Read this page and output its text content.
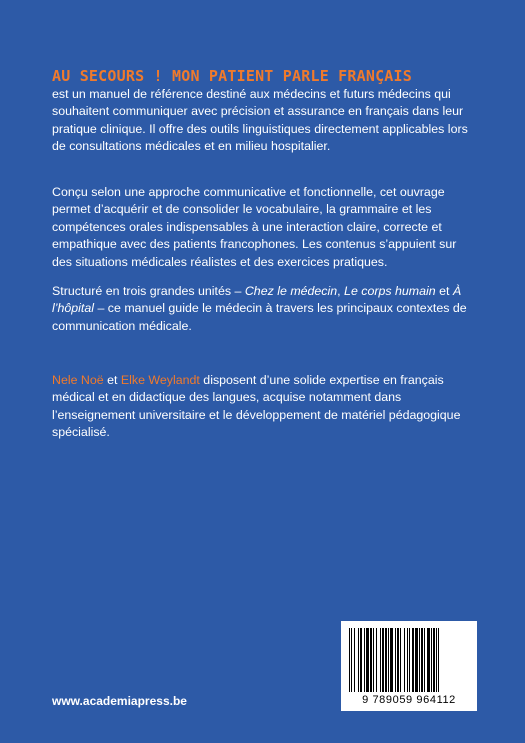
AU SECOURS ! MON PATIENT PARLE FRANÇAIS
est un manuel de référence destiné aux médecins et futurs médecins qui souhaitent communiquer avec précision et assurance en français dans leur pratique clinique. Il offre des outils linguistiques directement applicables lors de consultations médicales et en milieu hospitalier.
Conçu selon une approche communicative et fonctionnelle, cet ouvrage permet d’acquérir et de consolider le vocabulaire, la grammaire et les compétences orales indispensables à une interaction claire, correcte et empathique avec des patients francophones. Les contenus s’appuient sur des situations médicales réalistes et des exercices pratiques.
Structuré en trois grandes unités – Chez le médecin, Le corps humain et À l’hôpital – ce manuel guide le médecin à travers les principaux contextes de communication médicale.
Nele Noë et Elke Weylandt disposent d’une solide expertise en français médical et en didactique des langues, acquise notamment dans l’enseignement universitaire et le développement de matériel pédagogique spécialisé.
www.academiapress.be	9 789059 964112
